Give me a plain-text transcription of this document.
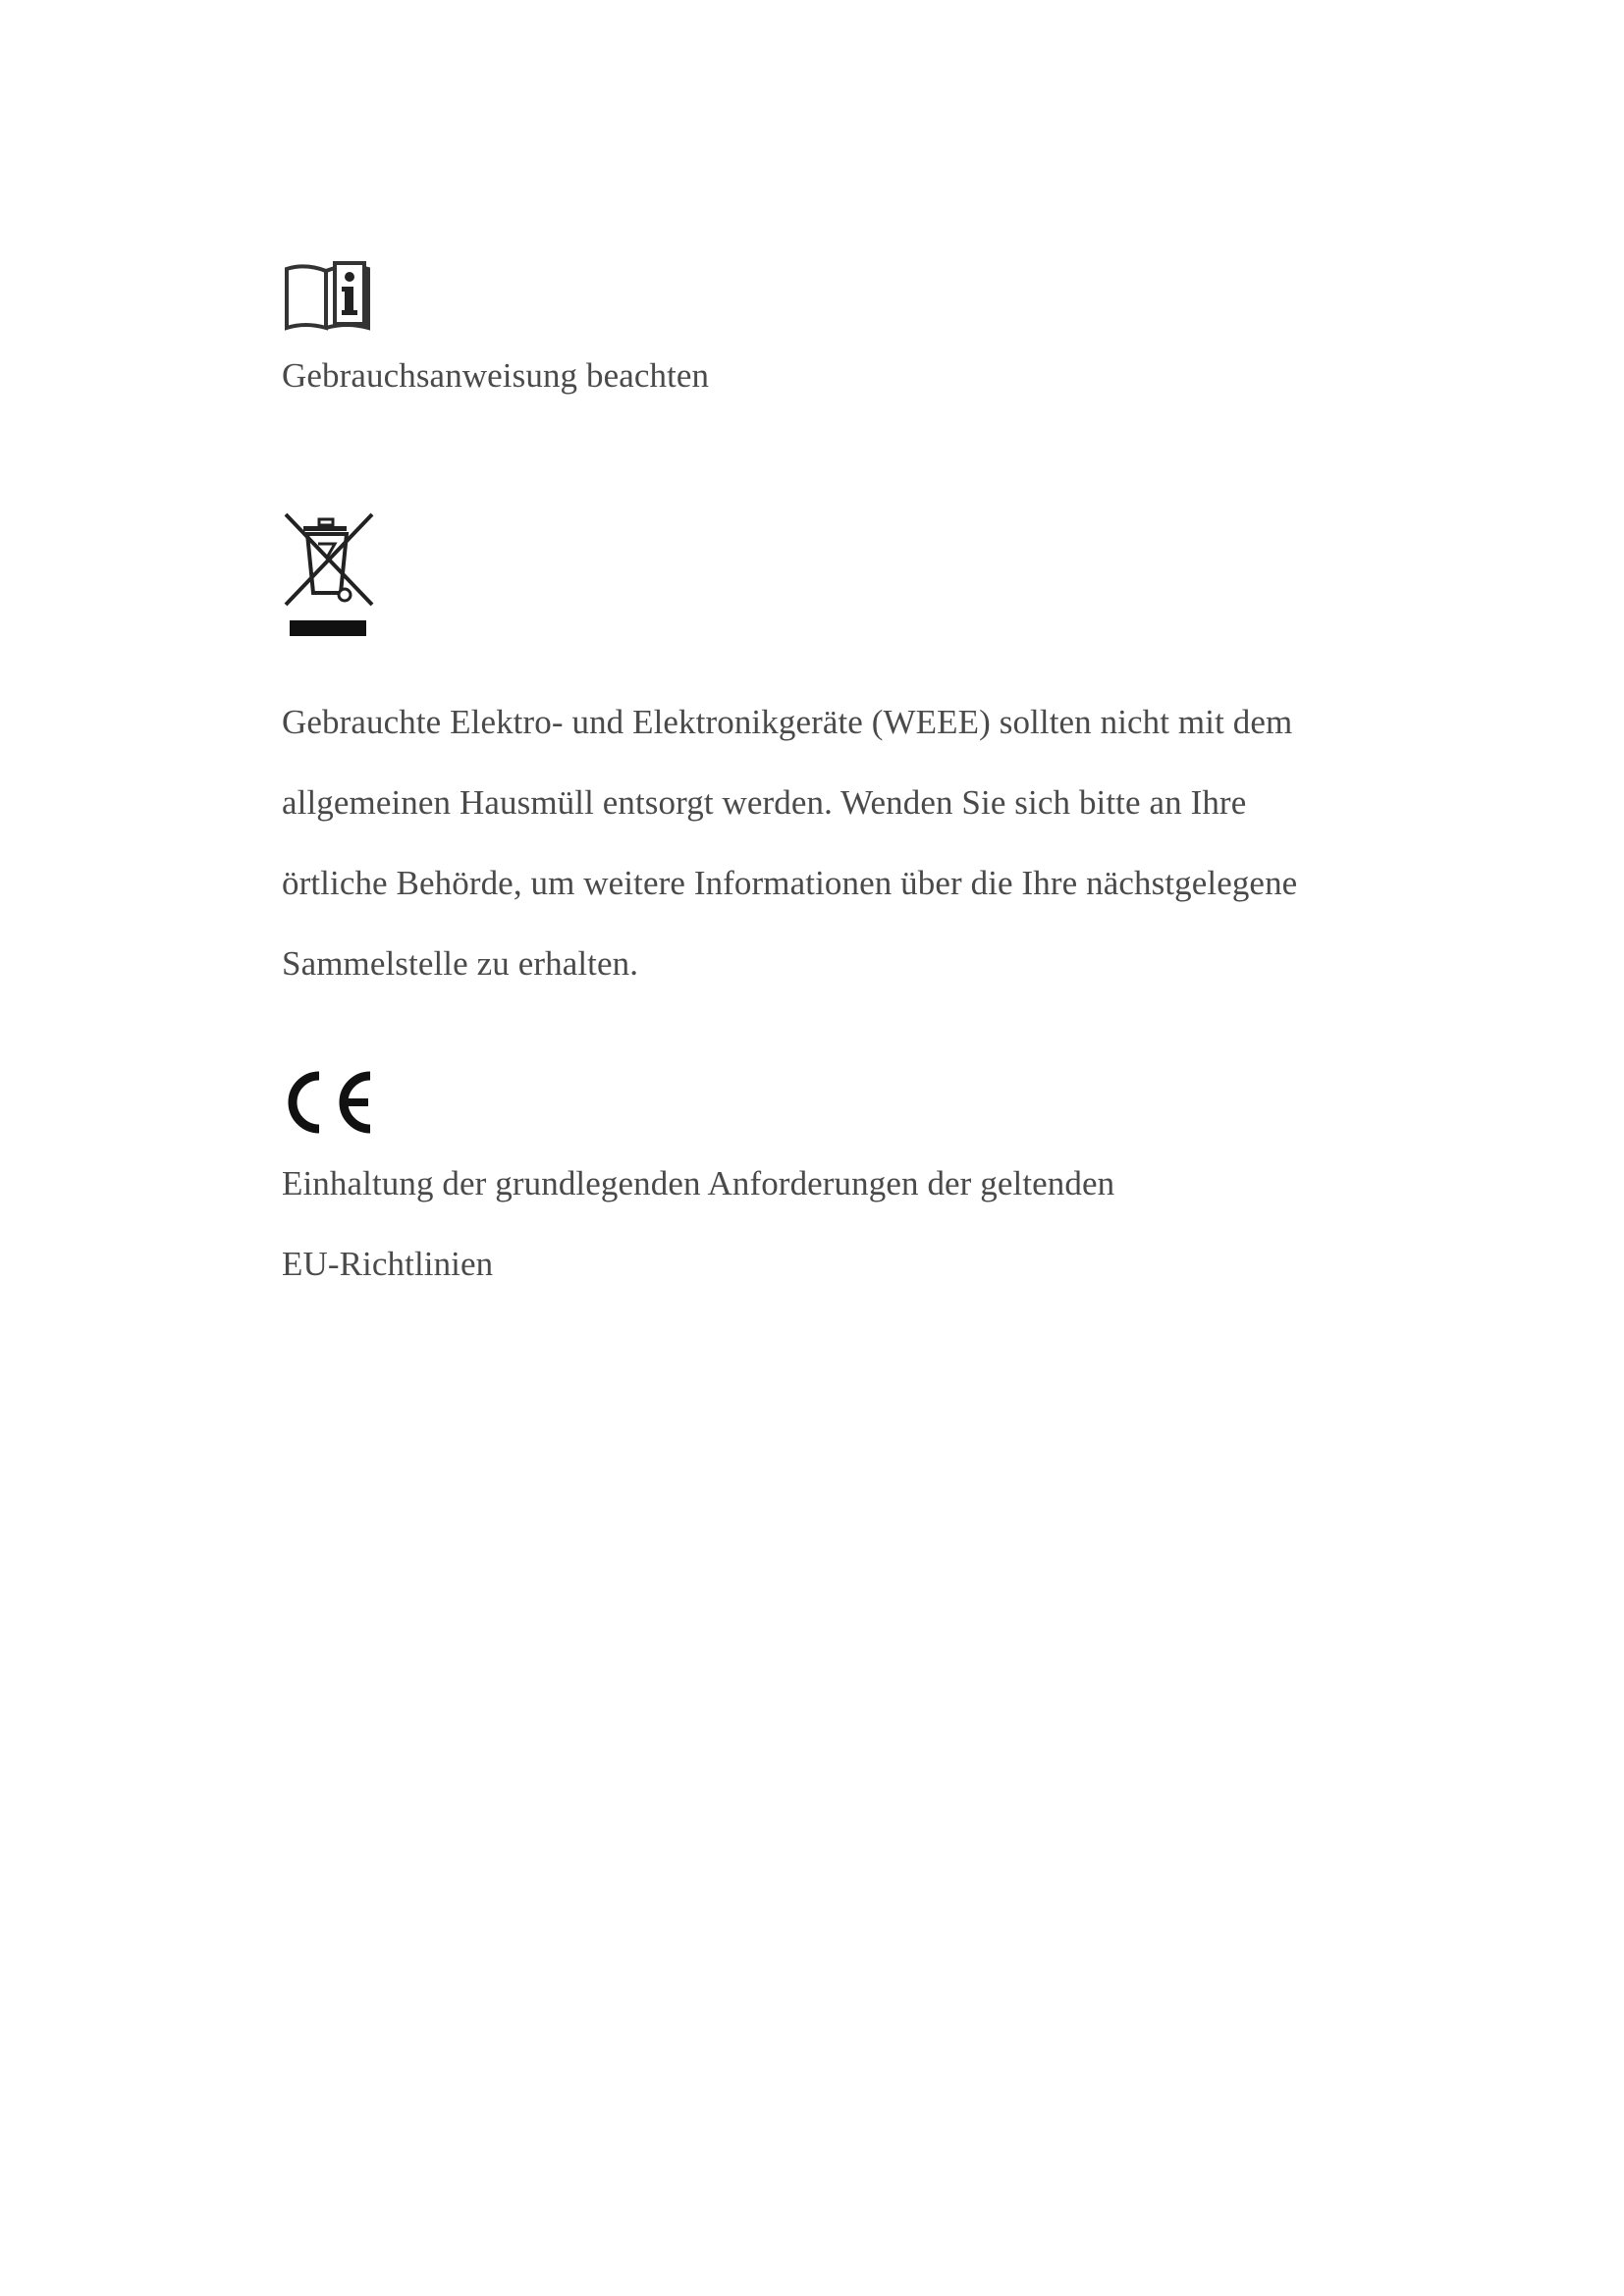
Gebrauchsanweisung beachten
Gebrauchte Elektro- und Elektronikgeräte (WEEE) sollten nicht mit dem
allgemeinen Hausmüll entsorgt werden. Wenden Sie sich bitte an Ihre
örtliche Behörde, um weitere Informationen über die Ihre nächstgelegene
Sammelstelle zu erhalten.
Einhaltung der grundlegenden Anforderungen der geltenden
EU-Richtlinien
